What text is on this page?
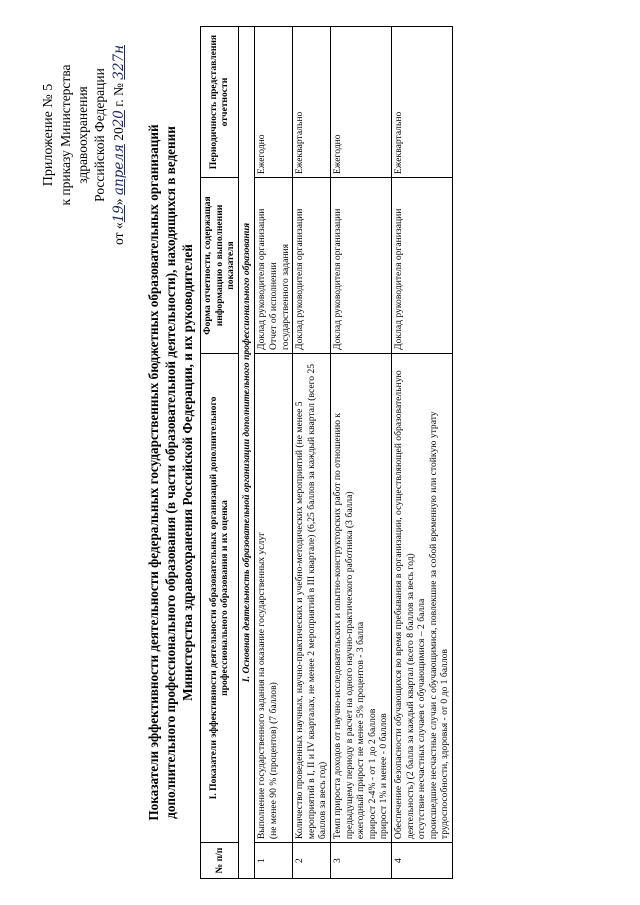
Приложение № 5 к приказу Министерства здравоохранения Российской Федерации
от «19» апреля 2020 г. № 327н
Показатели эффективности деятельности федеральных государственных бюджетных образовательных организаций дополнительного профессионального образования (в части образовательной деятельности), находящихся в ведении Министерства здравоохранения Российской Федерации, и их руководителей
№ п/п	I. Показатели эффективности деятельности образовательных организаций дополнительного профессионального образования и их оценка	Форма отчетности, содержащая информацию о выполнении показателя	Периодичность представления отчетности
I. Основная деятельность образовательной организации дополнительного профессионального образования			
1	Выполнение государственного задания на оказание государственных услуг (не менее 90 % (процентов) (7 баллов)	Доклад руководителя организации Отчет об исполнении государственного задания	Ежегодно
2	Количество проведенных научных, научно-практических и учебно-методических мероприятий (не менее 5 мероприятий в I, II и IV кварталах, не менее 2 мероприятий в III квартале) (6,25 баллов за каждый квартал (всего 25 баллов за весь год)	Доклад руководителя организации	Ежеквартально
3	Темп прироста доходов от научно-исследовательских и опытно-конструкторских работ по отношению к предыдущему периоду в расчет на одного научно-практического работника (3 балла) ежегодный прирост не менее 5% процентов - 3 балла прирост 2-4% - от 1 до 2 баллов прирост 1% и менее - 0 баллов	Доклад руководителя организации	Ежегодно
4	Обеспечение безопасности обучающихся во время пребывания в организации, осуществляющей образовательную деятельность) (2 балла за каждый квартал (всего 8 баллов за весь год) отсутствие несчастных случаев с обучающимися – 2 балла происшедшие несчастные случаи с обучающимися, повлекшие за собой временную или стойкую утрату трудоспособности, здоровья - от 0 до 1 баллов	Доклад руководителя организации	Ежеквартально
